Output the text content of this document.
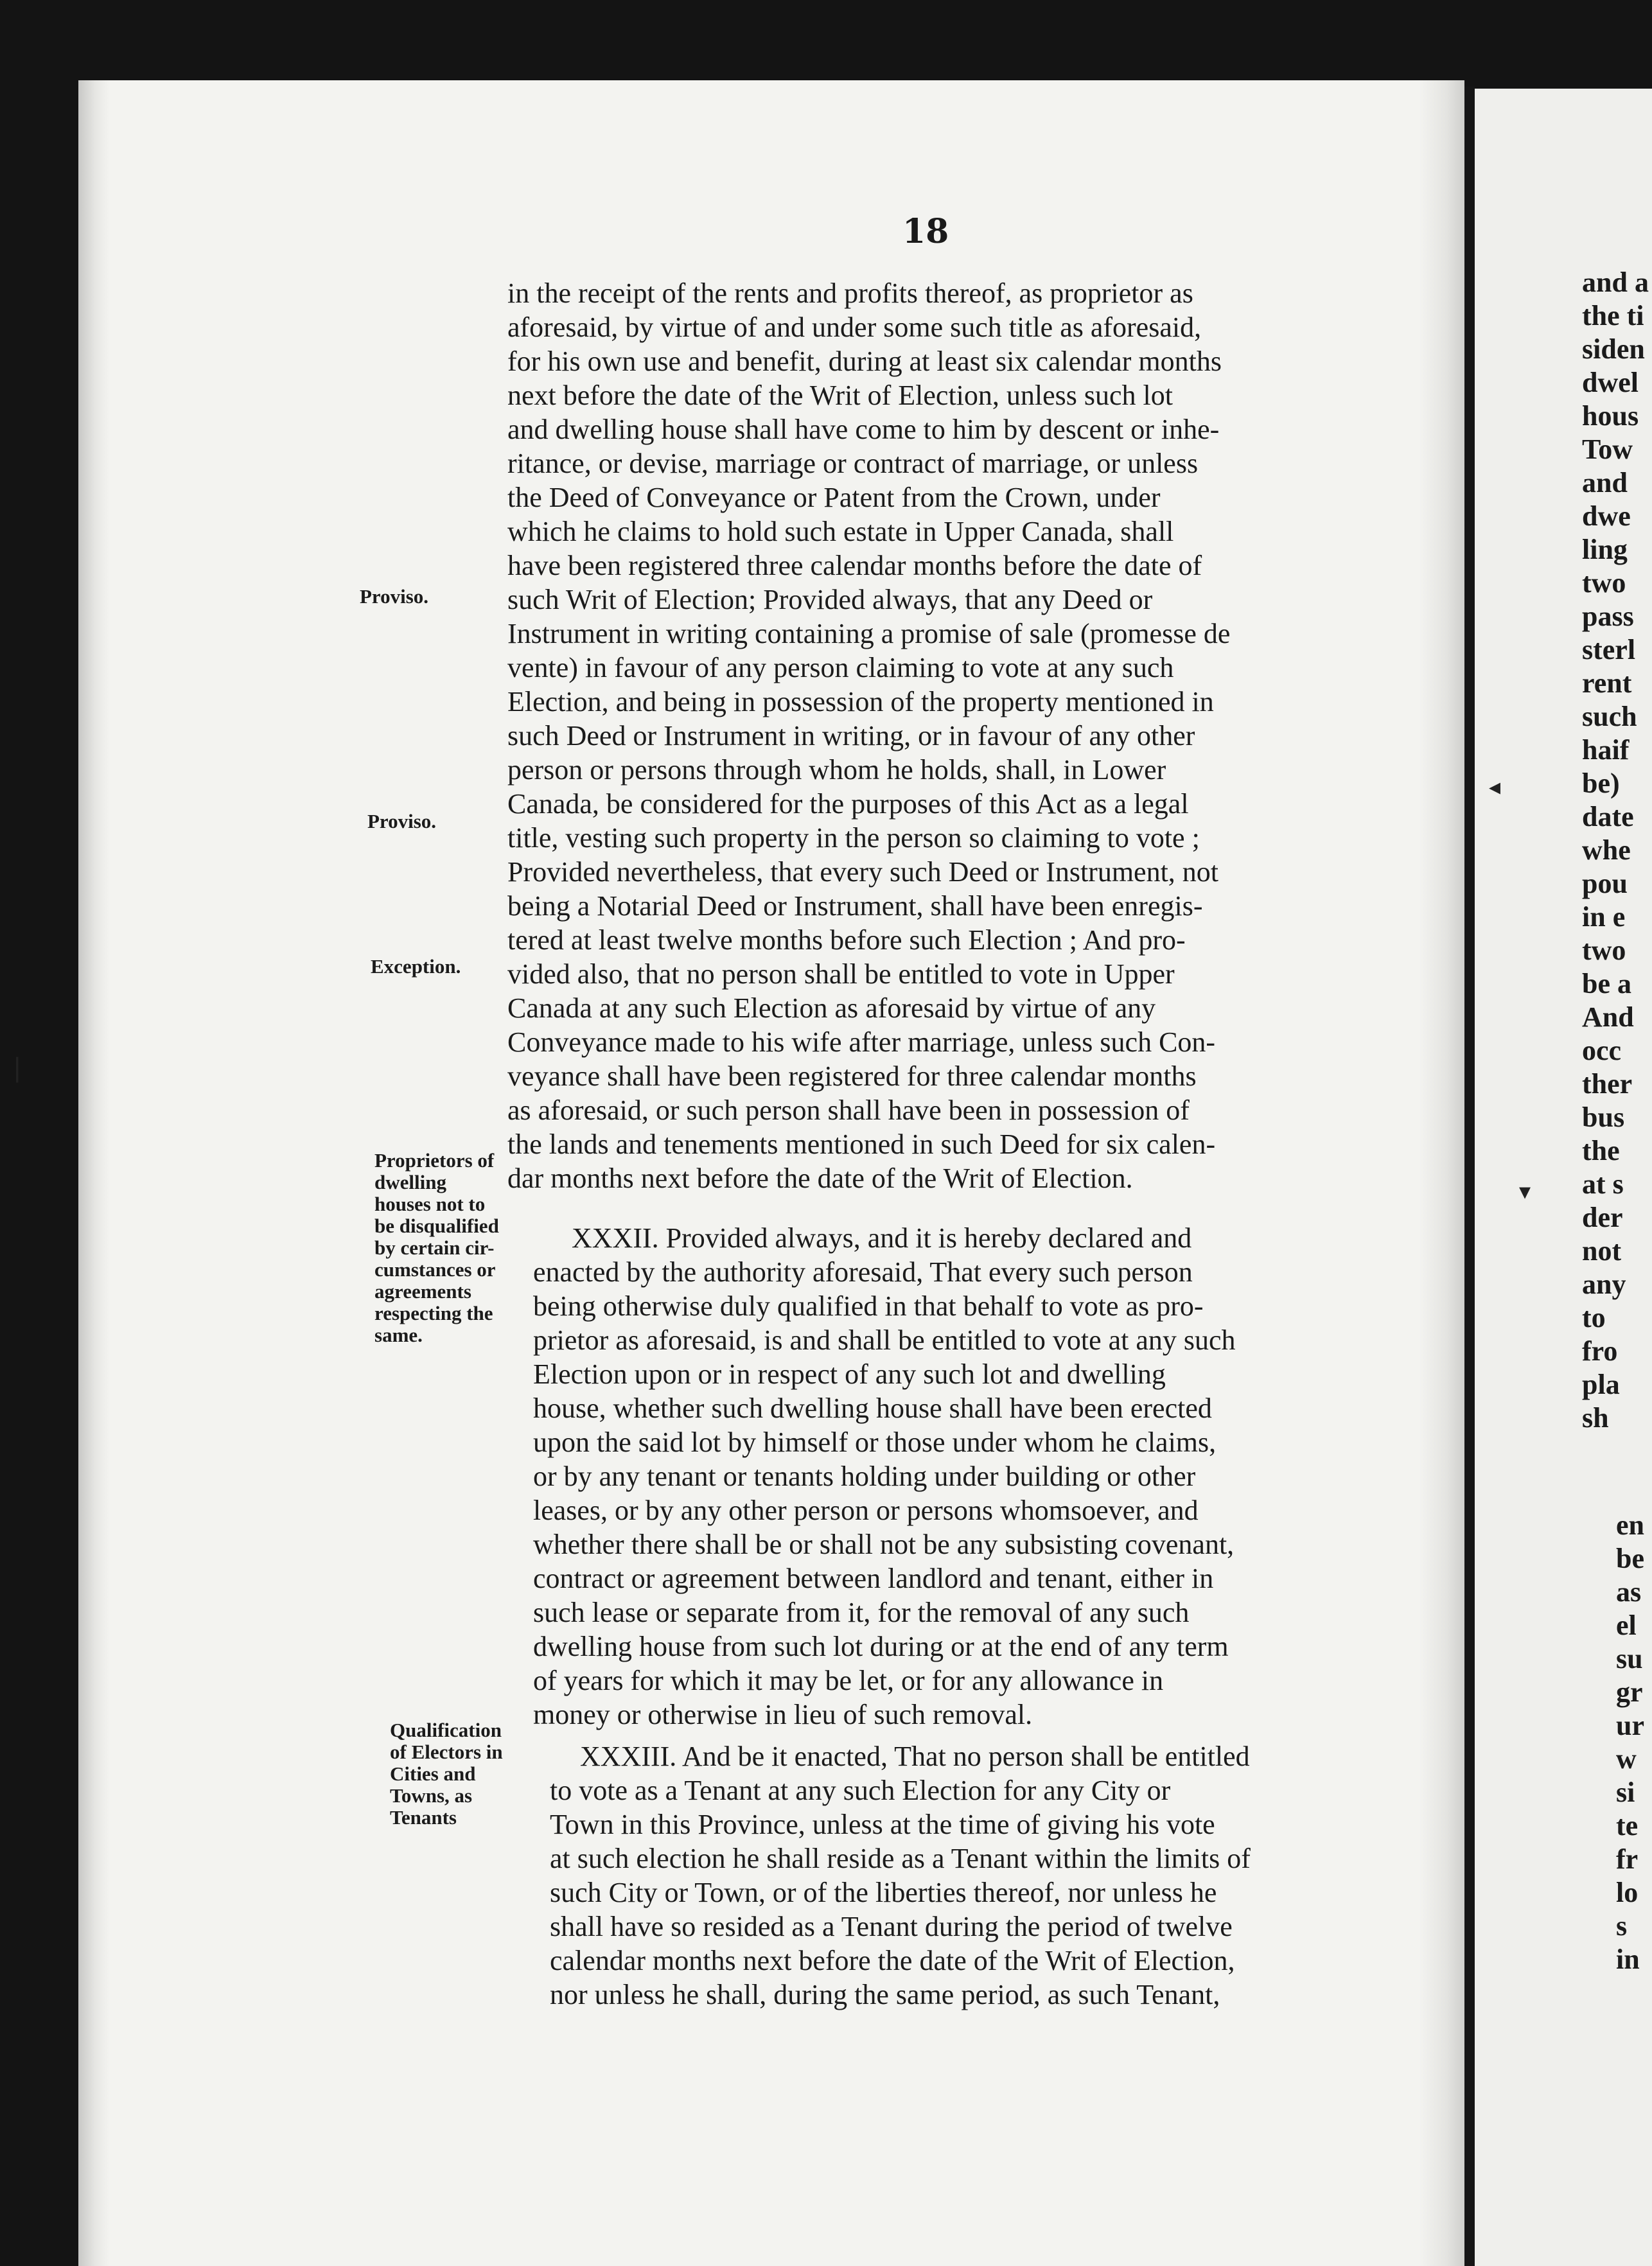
18
Proviso.
Proviso.
Exception.
Proprietors of
dwelling
houses not to
be disqualified
by certain cir-
cumstances or
agreements
respecting the
same.
Qualification
of Electors in
Cities and
Towns, as
Tenants
in the receipt of the rents and profits thereof, as proprietor as
aforesaid, by virtue of and under some such title as aforesaid,
for his own use and benefit, during at least six calendar months
next before the date of the Writ of Election, unless such lot
and dwelling house shall have come to him by descent or inhe-
ritance, or devise, marriage or contract of marriage, or unless
the Deed of Conveyance or Patent from the Crown, under
which he claims to hold such estate in Upper Canada, shall
have been registered three calendar months before the date of
such Writ of Election; Provided always, that any Deed or
Instrument in writing containing a promise of sale (promesse de
vente) in favour of any person claiming to vote at any such
Election, and being in possession of the property mentioned in
such Deed or Instrument in writing, or in favour of any other
person or persons through whom he holds, shall, in Lower
Canada, be considered for the purposes of this Act as a legal
title, vesting such property in the person so claiming to vote ;
Provided nevertheless, that every such Deed or Instrument, not
being a Notarial Deed or Instrument, shall have been enregis-
tered at least twelve months before such Election ; And pro-
vided also, that no person shall be entitled to vote in Upper
Canada at any such Election as aforesaid by virtue of any
Conveyance made to his wife after marriage, unless such Con-
veyance shall have been registered for three calendar months
as aforesaid, or such person shall have been in possession of
the lands and tenements mentioned in such Deed for six calen-
dar months next before the date of the Writ of Election.
XXXII. Provided always, and it is hereby declared and
enacted by the authority aforesaid, That every such person
being otherwise duly qualified in that behalf to vote as pro-
prietor as aforesaid, is and shall be entitled to vote at any such
Election upon or in respect of any such lot and dwelling
house, whether such dwelling house shall have been erected
upon the said lot by himself or those under whom he claims,
or by any tenant or tenants holding under building or other
leases, or by any other person or persons whomsoever, and
whether there shall be or shall not be any subsisting covenant,
contract or agreement between landlord and tenant, either in
such lease or separate from it, for the removal of any such
dwelling house from such lot during or at the end of any term
of years for which it may be let, or for any allowance in
money or otherwise in lieu of such removal.
XXXIII. And be it enacted, That no person shall be entitled
to vote as a Tenant at any such Election for any City or
Town in this Province, unless at the time of giving his vote
at such election he shall reside as a Tenant within the limits of
such City or Town, or of the liberties thereof, nor unless he
shall have so resided as a Tenant during the period of twelve
calendar months next before the date of the Writ of Election,
nor unless he shall, during the same period, as such Tenant,
and a
the ti
siden
dwel
hous
Tow
and
dwe
ling
two
pass
sterl
rent
such
haif
be)
date
whe
pou
in e
two
be a
And
occ
ther
bus
the
at s
der
not
any
to
fro
pla
sh
en
be
as
el
su
gr
ur
w
si
te
fr
lo
s
in
❘
◂
▾
